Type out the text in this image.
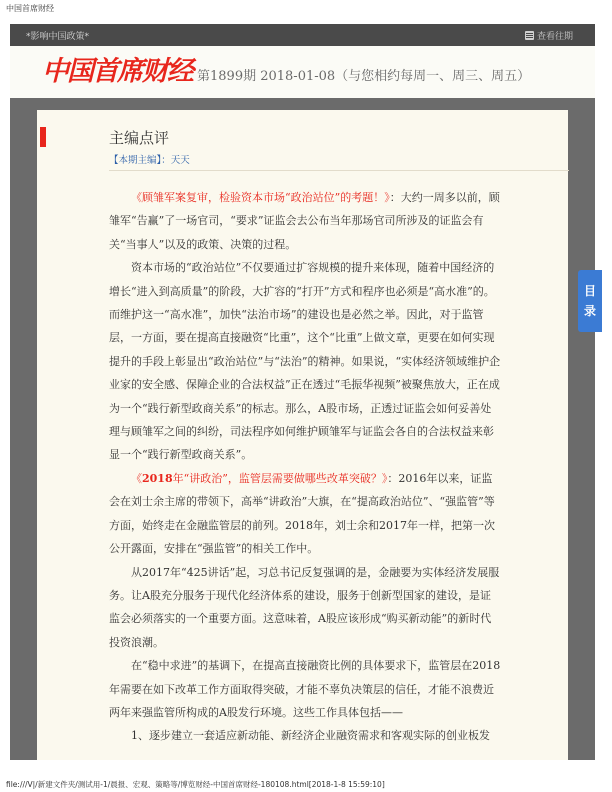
中国首席财经
*影响中国政策*	查看往期
中国首席财经 第1899期 2018-01-08（与您相约每周一、周三、周五）
主编点评
【本期主编】：天天

《顾雏军案复审，检验资本市场“政治站位”的考题！》：大约一周多以前，顾雏军“告赢”了一场官司，“要求”证监会去公布当年那场官司所涉及的证监会有关“当事人”以及的政策、决策的过程。

资本市场的“政治站位”不仅要通过扩容规模的提升来体现，随着中国经济的增长“进入到高质量”的阶段，大扩容的“打开”方式和程序也必须是“高水准”的。而维护这一“高水准”，加快“法治市场”的建设也是必然之举。因此，对于监管层，一方面，要在提高直接融资“比重”，这个“比重”上做文章，更要在如何实现提升的手段上彰显出“政治站位”与“法治”的精神。如果说，“实体经济领域维护企业家的安全感、保障企业的合法权益”正在透过“毛振华视频”被聚焦放大，正在成为一个“践行新型政商关系”的标志。那么，A股市场，正透过证监会如何妥善处理与顾雏军之间的纠纷，司法程序如何维护顾雏军与证监会各自的合法权益来彰显一个“践行新型政商关系”。

《2018年“讲政治”，监管层需要做哪些改革突破？》：2016年以来，证监会在刘士余主席的带领下，高举“讲政治”大旗，在“提高政治站位”、“强监管”等方面，始终走在金融监管层的前列。2018年，刘士余和2017年一样，把第一次公开露面，安排在“强监管”的相关工作中。

从2017年“425讲话”起，习总书记反复强调的是，金融要为实体经济发展服务。让A股充分服务于现代化经济体系的建设，服务于创新型国家的建设，是证监会必须落实的一个重要方面。这意味着，A股应该形成“购买新动能”的新时代投资浪潮。

在“稳中求进”的基调下，在提高直接融资比例的具体要求下，监管层在2018年需要在如下改革工作方面取得突破，才能不辜负决策层的信任，才能不浪费近两年来强监管所构成的A股发行环境。这些工作具体包括——

1、逐步建立一套适应新动能、新经济企业融资需求和客观实际的创业板发

目
录
file:///V|/新建文件夹/测试用-1/晨报、宏观、策略等/博览财经-中国首席财经-180108.html[2018-1-8 15:59:10]
